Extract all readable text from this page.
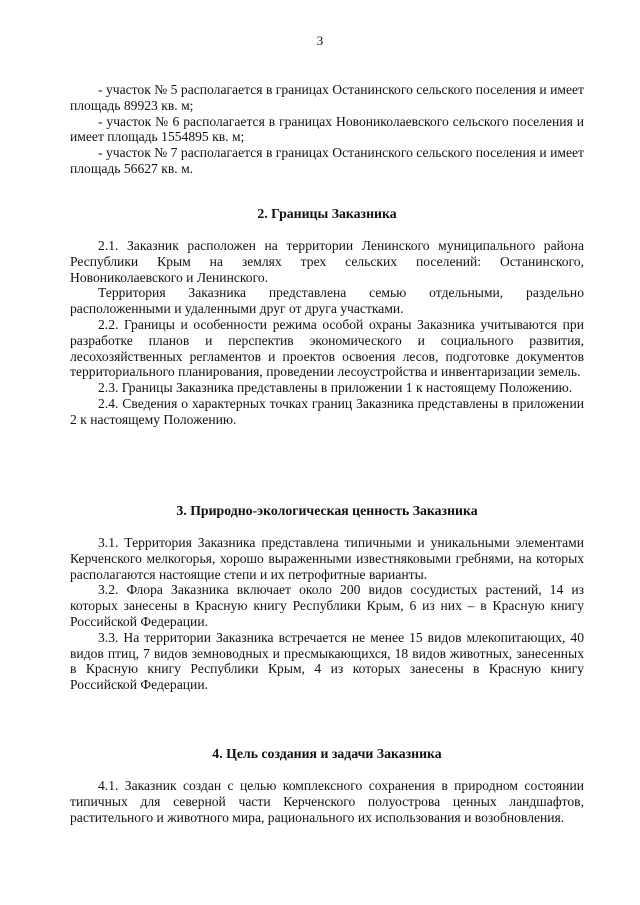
3

- участок № 5 располагается в границах Останинского сельского поселения и имеет площадь 89923 кв. м;

- участок № 6 располагается в границах Новониколаевского сельского поселения и имеет площадь 1554895 кв. м;

- участок № 7 располагается в границах Останинского сельского поселения и имеет площадь 56627 кв. м.

2. Границы Заказника

2.1. Заказник расположен на территории Ленинского муниципального района Республики Крым на землях трех сельских поселений: Останинского, Новониколаевского и Ленинского.

Территория Заказника представлена семью отдельными, раздельно расположенными и удаленными друг от друга участками.

2.2. Границы и особенности режима особой охраны Заказника учитываются при разработке планов и перспектив экономического и социального развития, лесохозяйственных регламентов и проектов освоения лесов, подготовке документов территориального планирования, проведении лесоустройства и инвентаризации земель.

2.3. Границы Заказника представлены в приложении 1 к настоящему Положению.

2.4. Сведения о характерных точках границ Заказника представлены в приложении 2 к настоящему Положению.

3. Природно-экологическая ценность Заказника

3.1. Территория Заказника представлена типичными и уникальными элементами Керченского мелкогорья, хорошо выраженными известняковыми гребнями, на которых располагаются настоящие степи и их петрофитные варианты.

3.2. Флора Заказника включает около 200 видов сосудистых растений, 14 из которых занесены в Красную книгу Республики Крым, 6 из них – в Красную книгу Российской Федерации.

3.3. На территории Заказника встречается не менее 15 видов млекопитающих, 40 видов птиц, 7 видов земноводных и пресмыкающихся, 18 видов животных, занесенных в Красную книгу Республики Крым, 4 из которых занесены в Красную книгу Российской Федерации.

4. Цель создания и задачи Заказника

4.1. Заказник создан с целью комплексного сохранения в природном состоянии типичных для северной части Керченского полуострова ценных ландшафтов, растительного и животного мира, рационального их использования и возобновления.
